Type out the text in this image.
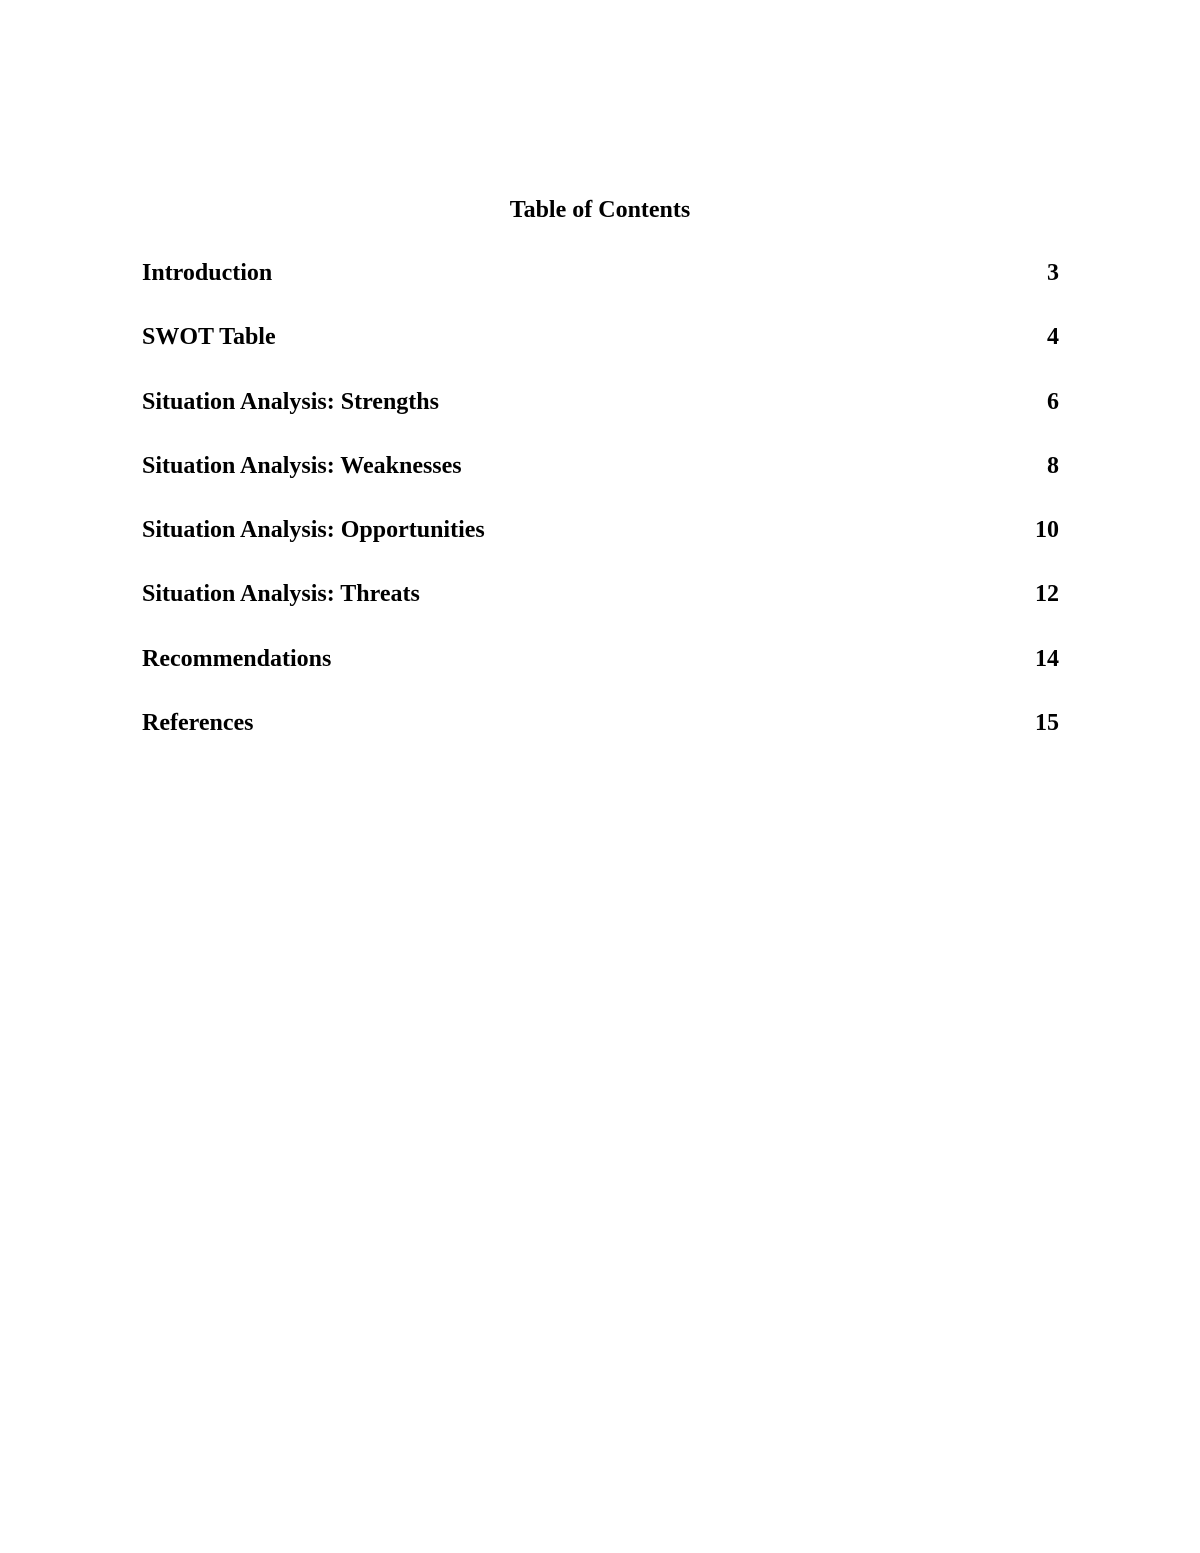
Table of Contents
Introduction	3
SWOT Table	4
Situation Analysis: Strengths	6
Situation Analysis: Weaknesses	8
Situation Analysis: Opportunities	10
Situation Analysis: Threats	12
Recommendations	14
References	15
